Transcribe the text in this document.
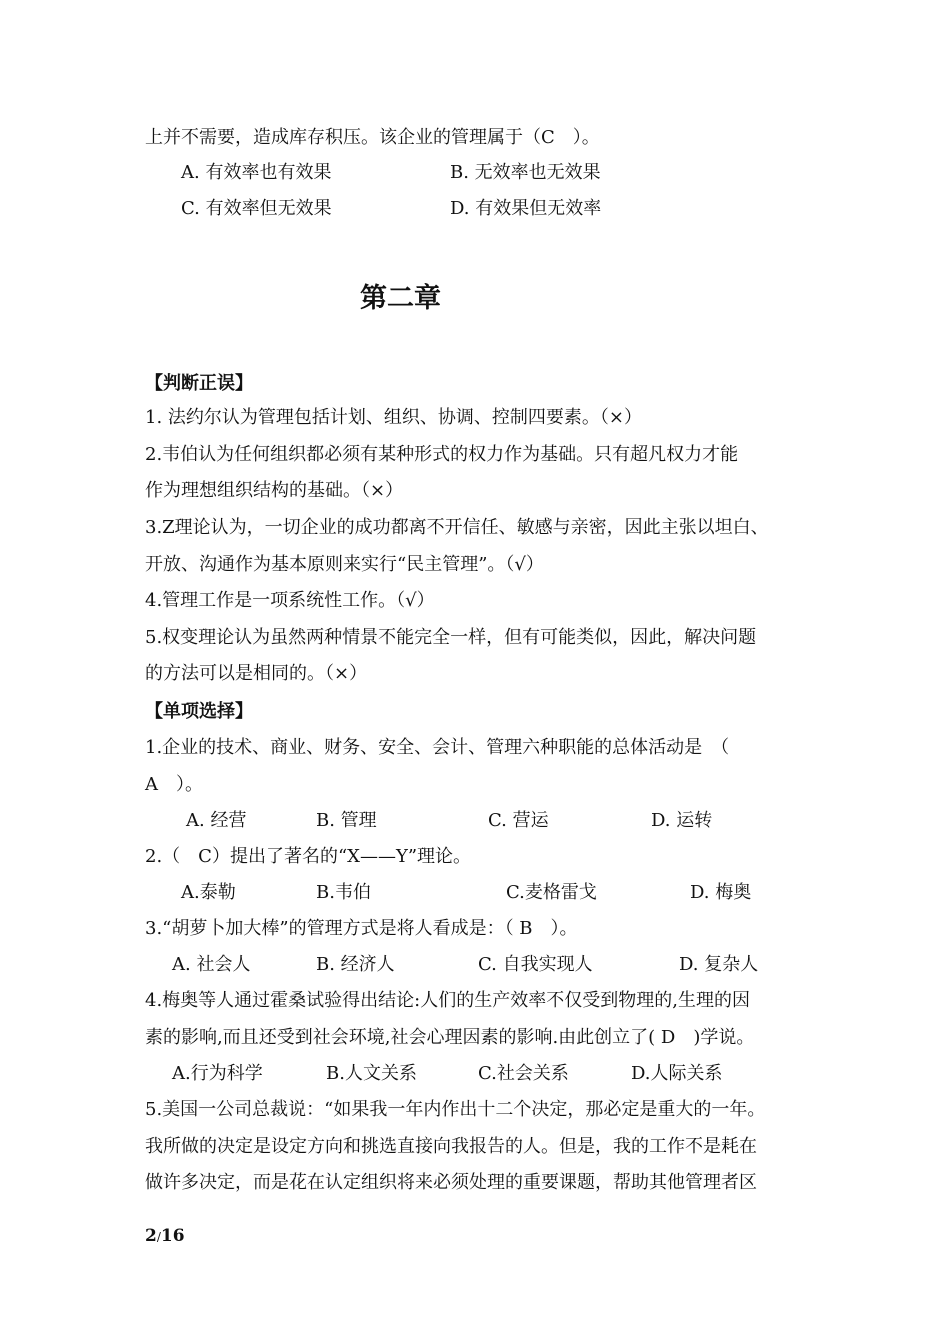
上并不需要，造成库存积压。该企业的管理属于（C　）。
A. 有效率也有效果	B. 无效率也无效果
C. 有效率但无效果	D. 有效果但无效率
第二章
【判断正误】
1. 法约尔认为管理包括计划、组织、协调、控制四要素。（×）
2.韦伯认为任何组织都必须有某种形式的权力作为基础。只有超凡权力才能
作为理想组织结构的基础。（×）
3.Z理论认为，一切企业的成功都离不开信任、敏感与亲密，因此主张以坦白、
开放、沟通作为基本原则来实行“民主管理”。（√）
4.管理工作是一项系统性工作。（√）
5.权变理论认为虽然两种情景不能完全一样，但有可能类似，因此，解决问题
的方法可以是相同的。（×）
【单项选择】
1.企业的技术、商业、财务、安全、会计、管理六种职能的总体活动是　（
A　）。
A. 经营	B. 管理	C. 营运	D. 运转
2.（　C）提出了著名的“X——Y”理论。
A.泰勒	B.韦伯	C.麦格雷戈	D. 梅奥
3.“胡萝卜加大棒”的管理方式是将人看成是：（ B　）。
A. 社会人	B. 经济人	C. 自我实现人	D. 复杂人
4.梅奥等人通过霍桑试验得出结论:人们的生产效率不仅受到物理的,生理的因
素的影响,而且还受到社会环境,社会心理因素的影响.由此创立了( D　)学说。
A.行为科学	B.人文关系	C.社会关系	D.人际关系
5.美国一公司总裁说：“如果我一年内作出十二个决定，那必定是重大的一年。
我所做的决定是设定方向和挑选直接向我报告的人。但是，我的工作不是耗在
做许多决定，而是花在认定组织将来必须处理的重要课题，帮助其他管理者区
2/16
